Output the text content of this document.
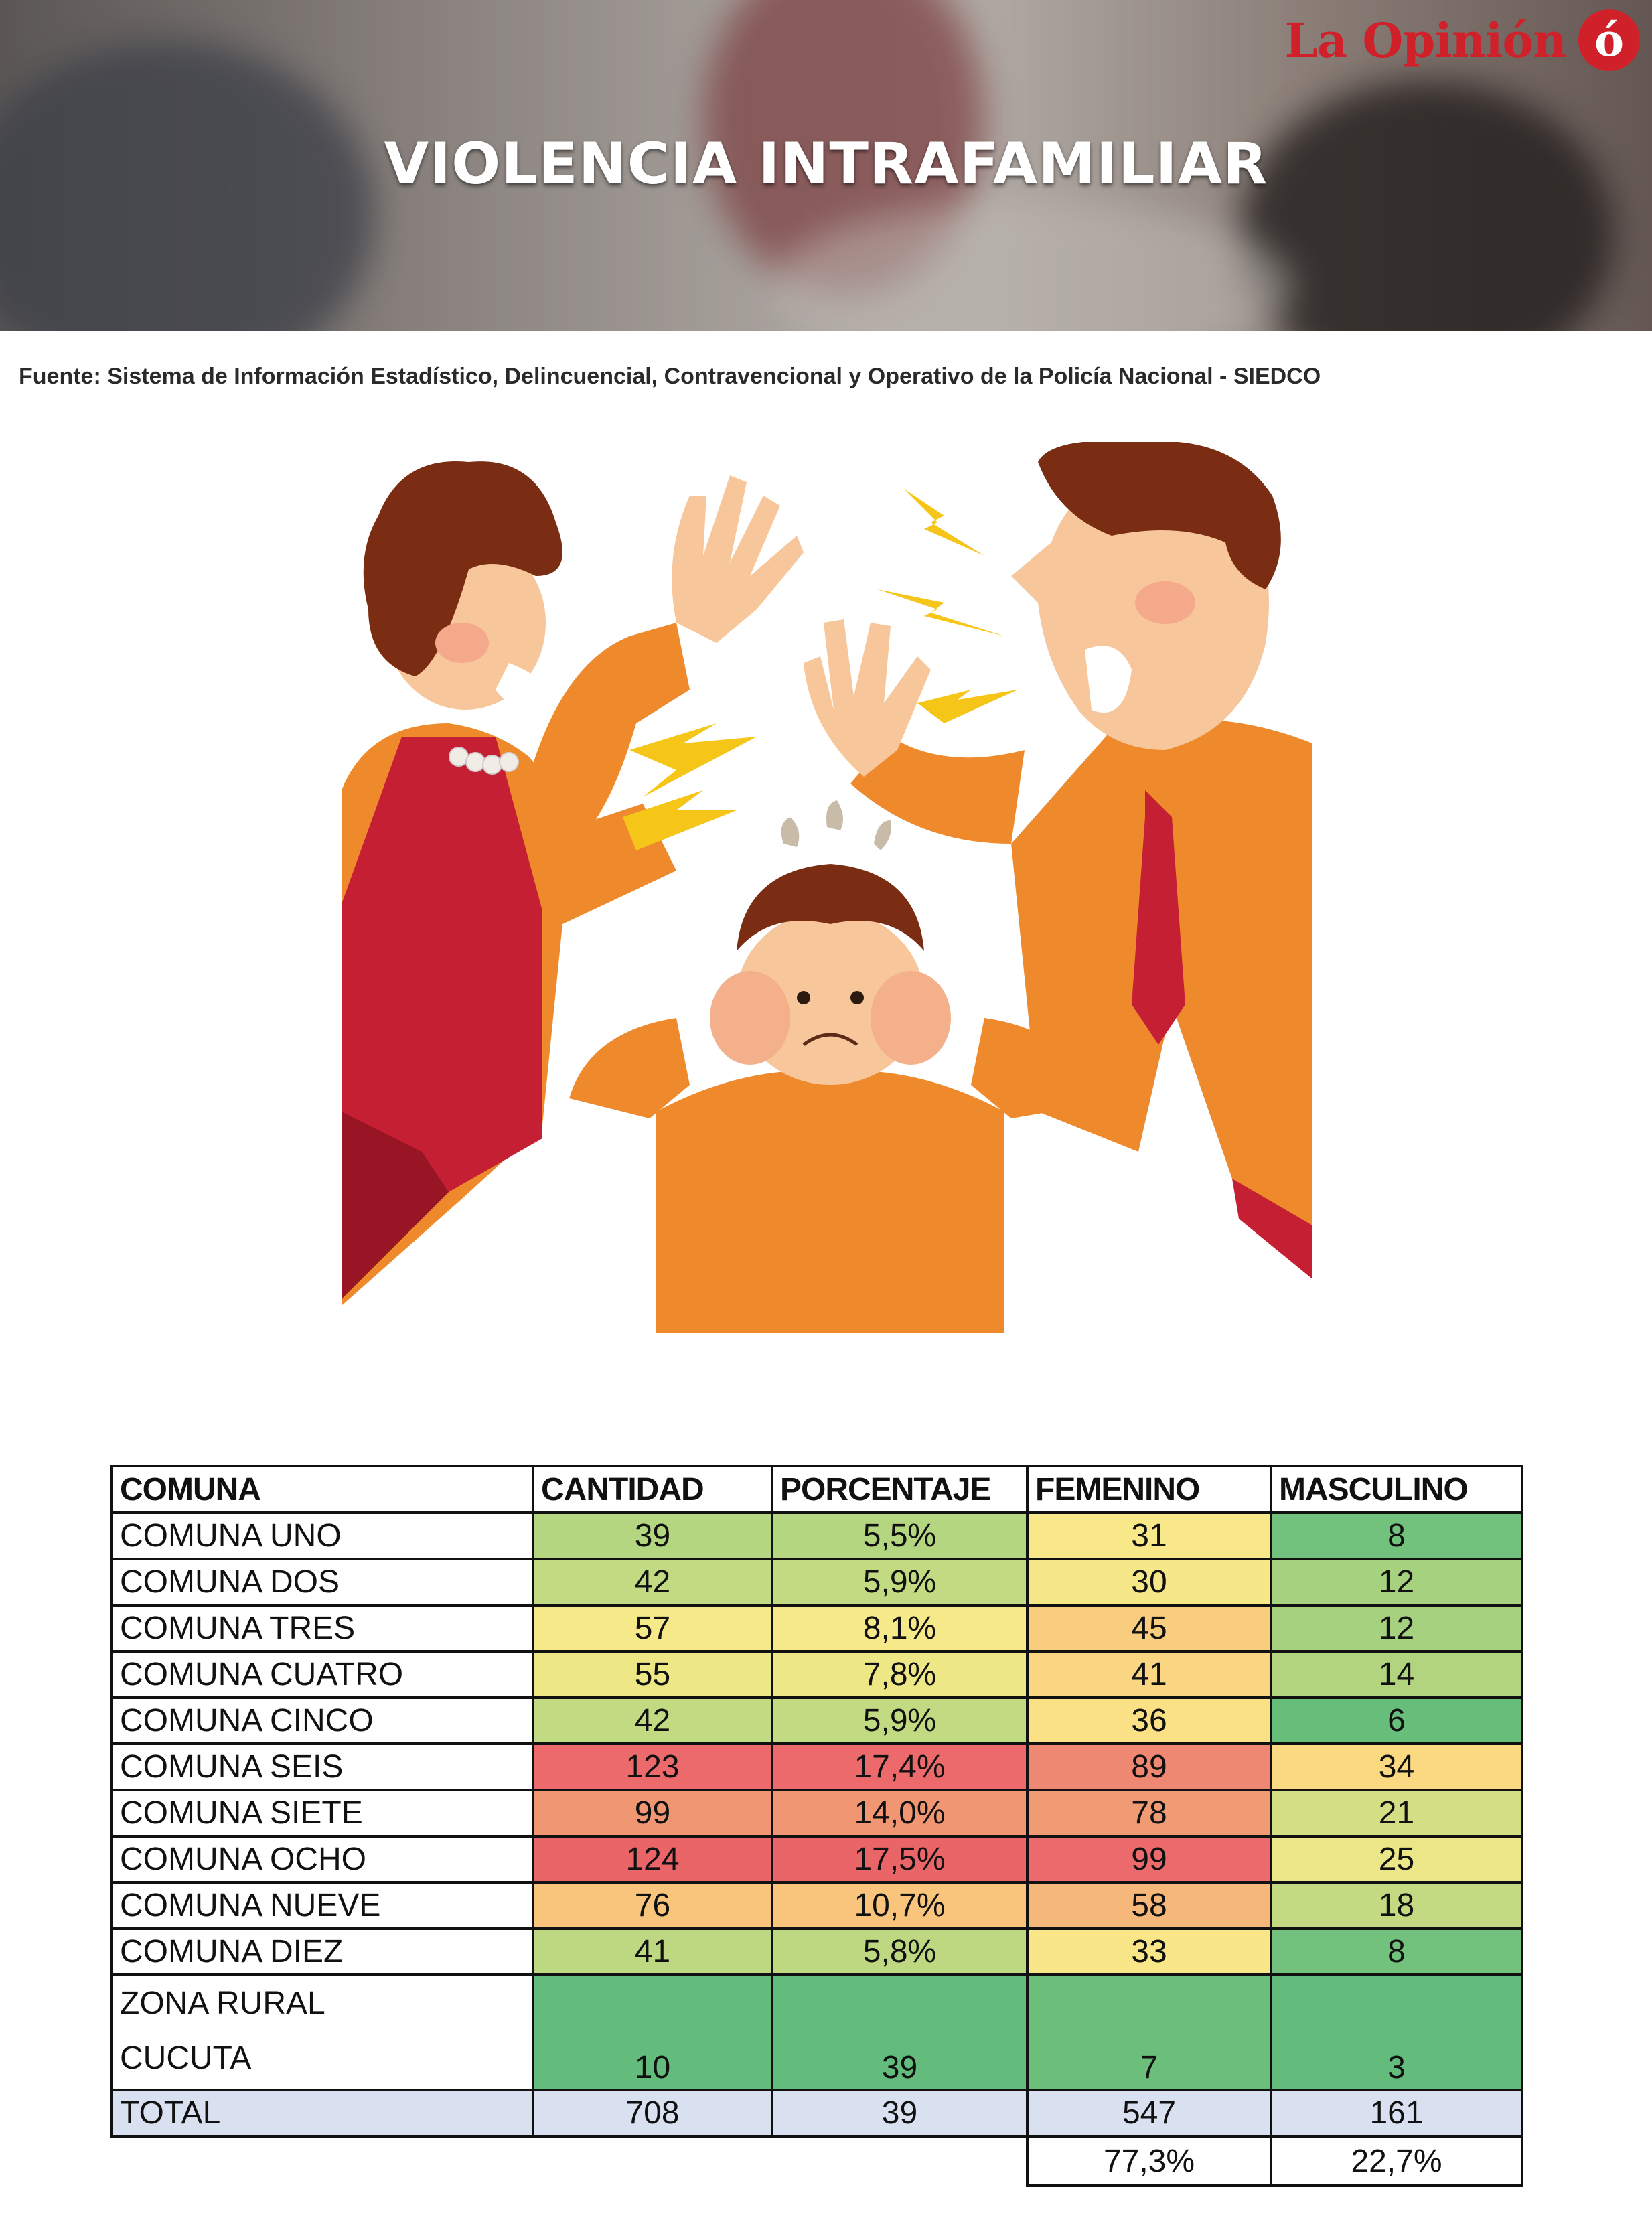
La Opinión ó
VIOLENCIA INTRAFAMILIAR
Fuente: Sistema de Información Estadístico, Delincuencial, Contravencional y Operativo de la Policía Nacional - SIEDCO
COMUNA	CANTIDAD	PORCENTAJE	FEMENINO	MASCULINO
COMUNA UNO	39	5,5%	31	8
COMUNA DOS	42	5,9%	30	12
COMUNA TRES	57	8,1%	45	12
COMUNA CUATRO	55	7,8%	41	14
COMUNA CINCO	42	5,9%	36	6
COMUNA SEIS	123	17,4%	89	34
COMUNA SIETE	99	14,0%	78	21
COMUNA OCHO	124	17,5%	99	25
COMUNA NUEVE	76	10,7%	58	18
COMUNA DIEZ	41	5,8%	33	8

ZONA RURAL
CUCUTA	10	39	7	3
TOTAL	708	39	547	161
			77,3%	22,7%
